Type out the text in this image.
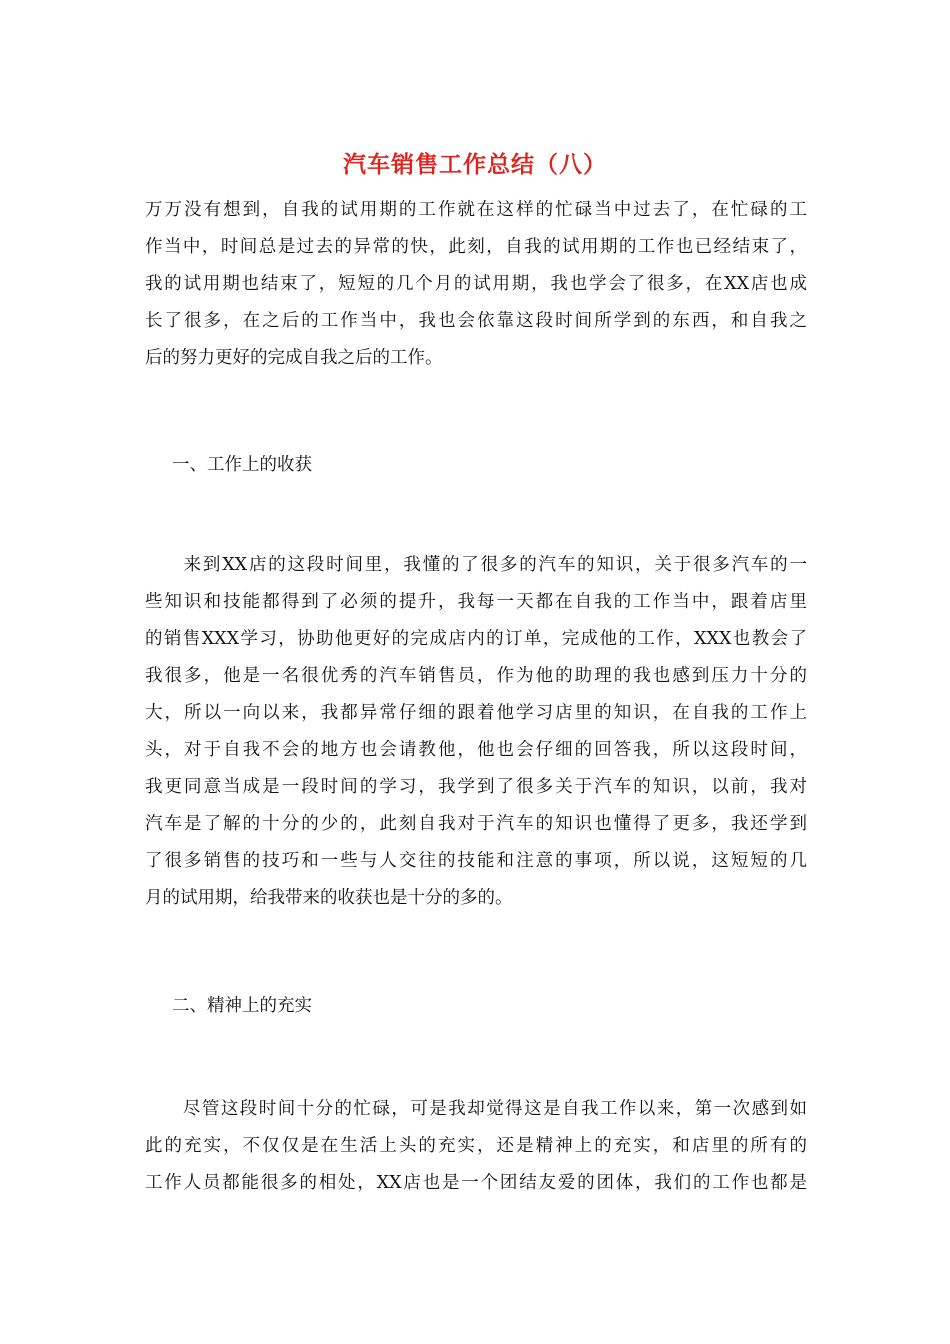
汽车销售工作总结（八）
万万没有想到，自我的试用期的工作就在这样的忙碌当中过去了，在忙碌的工
作当中，时间总是过去的异常的快，此刻，自我的试用期的工作也已经结束了，
我的试用期也结束了，短短的几个月的试用期，我也学会了很多，在XX店也成
长了很多，在之后的工作当中，我也会依靠这段时间所学到的东西，和自我之
后的努力更好的完成自我之后的工作。
一、工作上的收获
　　来到XX店的这段时间里，我懂的了很多的汽车的知识，关于很多汽车的一
些知识和技能都得到了必须的提升，我每一天都在自我的工作当中，跟着店里
的销售XXX学习，协助他更好的完成店内的订单，完成他的工作，XXX也教会了
我很多，他是一名很优秀的汽车销售员，作为他的助理的我也感到压力十分的
大，所以一向以来，我都异常仔细的跟着他学习店里的知识，在自我的工作上
头，对于自我不会的地方也会请教他，他也会仔细的回答我，所以这段时间，
我更同意当成是一段时间的学习，我学到了很多关于汽车的知识，以前，我对
汽车是了解的十分的少的，此刻自我对于汽车的知识也懂得了更多，我还学到
了很多销售的技巧和一些与人交往的技能和注意的事项，所以说，这短短的几
月的试用期，给我带来的收获也是十分的多的。
二、精神上的充实
　　尽管这段时间十分的忙碌，可是我却觉得这是自我工作以来，第一次感到如
此的充实，不仅仅是在生活上头的充实，还是精神上的充实，和店里的所有的
工作人员都能很多的相处，XX店也是一个团结友爱的团体，我们的工作也都是
